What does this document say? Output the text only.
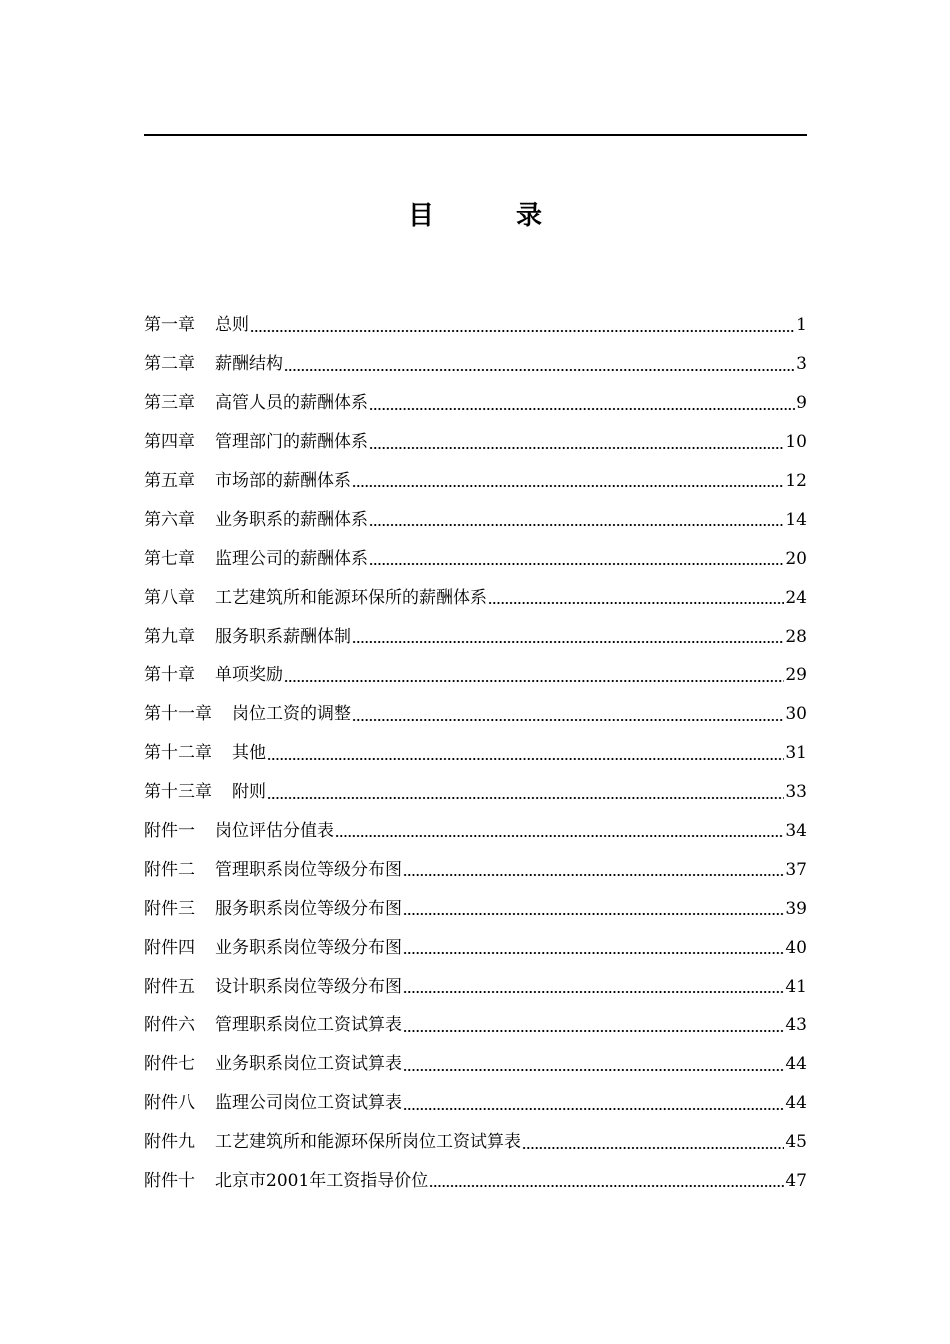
目　录
第一章 总则	1
第二章 薪酬结构	3
第三章 高管人员的薪酬体系	9
第四章 管理部门的薪酬体系	10
第五章 市场部的薪酬体系	12
第六章 业务职系的薪酬体系	14
第七章 监理公司的薪酬体系	20
第八章 工艺建筑所和能源环保所的薪酬体系	24
第九章 服务职系薪酬体制	28
第十章 单项奖励	29
第十一章 岗位工资的调整	30
第十二章 其他	31
第十三章 附则	33
附件一 岗位评估分值表	34
附件二 管理职系岗位等级分布图	37
附件三 服务职系岗位等级分布图	39
附件四 业务职系岗位等级分布图	40
附件五 设计职系岗位等级分布图	41
附件六 管理职系岗位工资试算表	43
附件七 业务职系岗位工资试算表	44
附件八 监理公司岗位工资试算表	44
附件九 工艺建筑所和能源环保所岗位工资试算表	45
附件十 北京市2001年工资指导价位	47
